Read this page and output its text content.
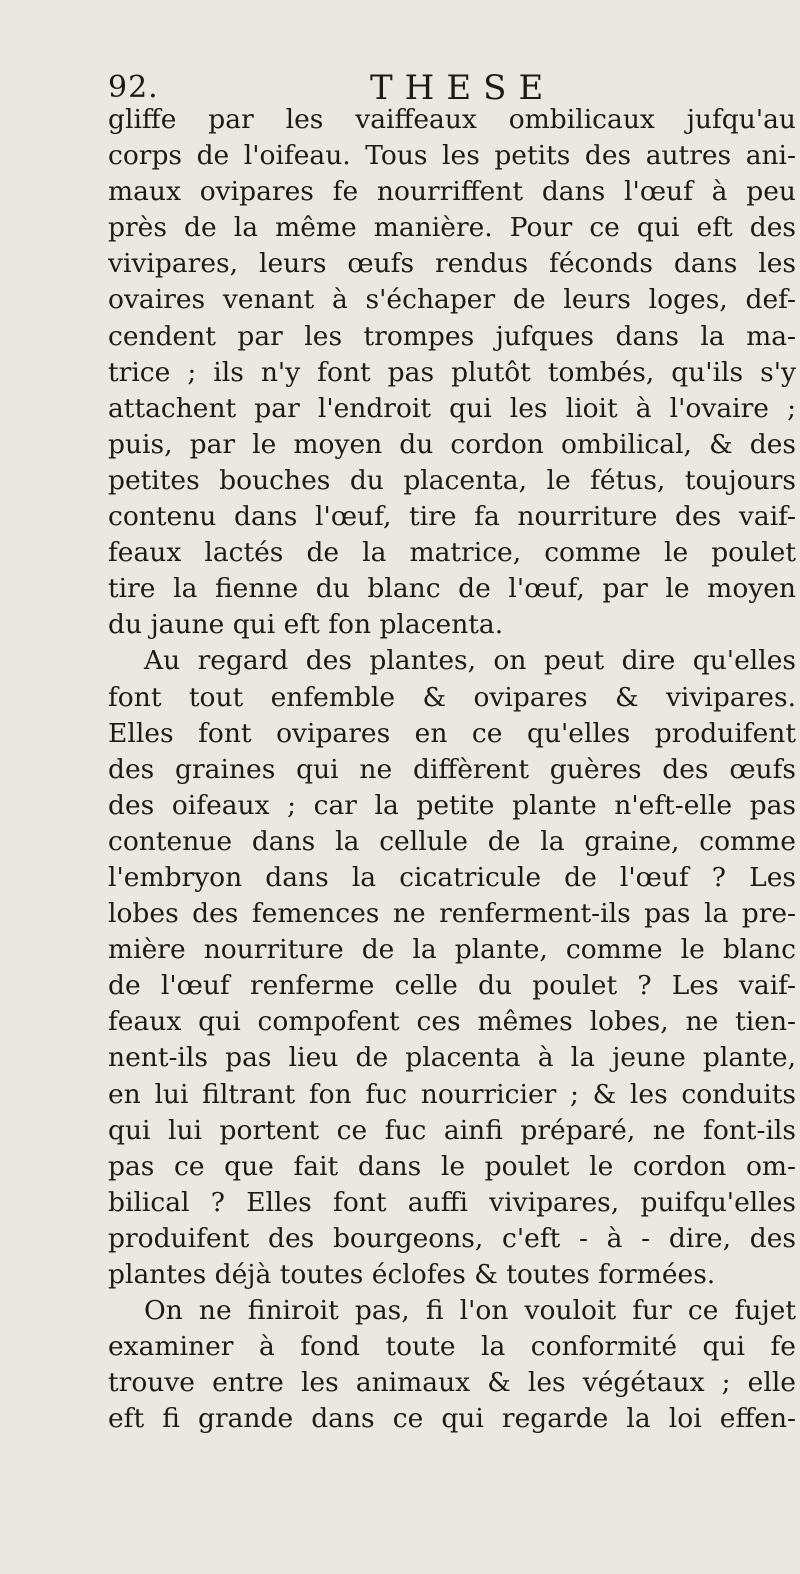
92.	THESE
gliffe par les vaiffeaux ombilicaux jufqu'au
corps de l'oifeau. Tous les petits des autres ani-
maux ovipares fe nourriffent dans l'œuf à peu
près de la même manière. Pour ce qui eft des
vivipares, leurs œufs rendus féconds dans les
ovaires venant à s'échaper de leurs loges, def-
cendent par les trompes jufques dans la ma-
trice ; ils n'y font pas plutôt tombés, qu'ils s'y
attachent par l'endroit qui les lioit à l'ovaire ;
puis, par le moyen du cordon ombilical, & des
petites bouches du placenta, le fétus, toujours
contenu dans l'œuf, tire fa nourriture des vaif-
feaux lactés de la matrice, comme le poulet
tire la fienne du blanc de l'œuf, par le moyen
du jaune qui eft fon placenta.
Au regard des plantes, on peut dire qu'elles
font tout enfemble & ovipares & vivipares.
Elles font ovipares en ce qu'elles produifent
des graines qui ne diffèrent guères des œufs
des oifeaux ; car la petite plante n'eft-elle pas
contenue dans la cellule de la graine, comme
l'embryon dans la cicatricule de l'œuf ? Les
lobes des femences ne renferment-ils pas la pre-
mière nourriture de la plante, comme le blanc
de l'œuf renferme celle du poulet ? Les vaif-
feaux qui compofent ces mêmes lobes, ne tien-
nent-ils pas lieu de placenta à la jeune plante,
en lui filtrant fon fuc nourricier ; & les conduits
qui lui portent ce fuc ainfi préparé, ne font-ils
pas ce que fait dans le poulet le cordon om-
bilical ? Elles font auffi vivipares, puifqu'elles
produifent des bourgeons, c'eft - à - dire, des
plantes déjà toutes éclofes & toutes formées.
On ne finiroit pas, fi l'on vouloit fur ce fujet
examiner à fond toute la conformité qui fe
trouve entre les animaux & les végétaux ; elle
eft fi grande dans ce qui regarde la loi effen-
